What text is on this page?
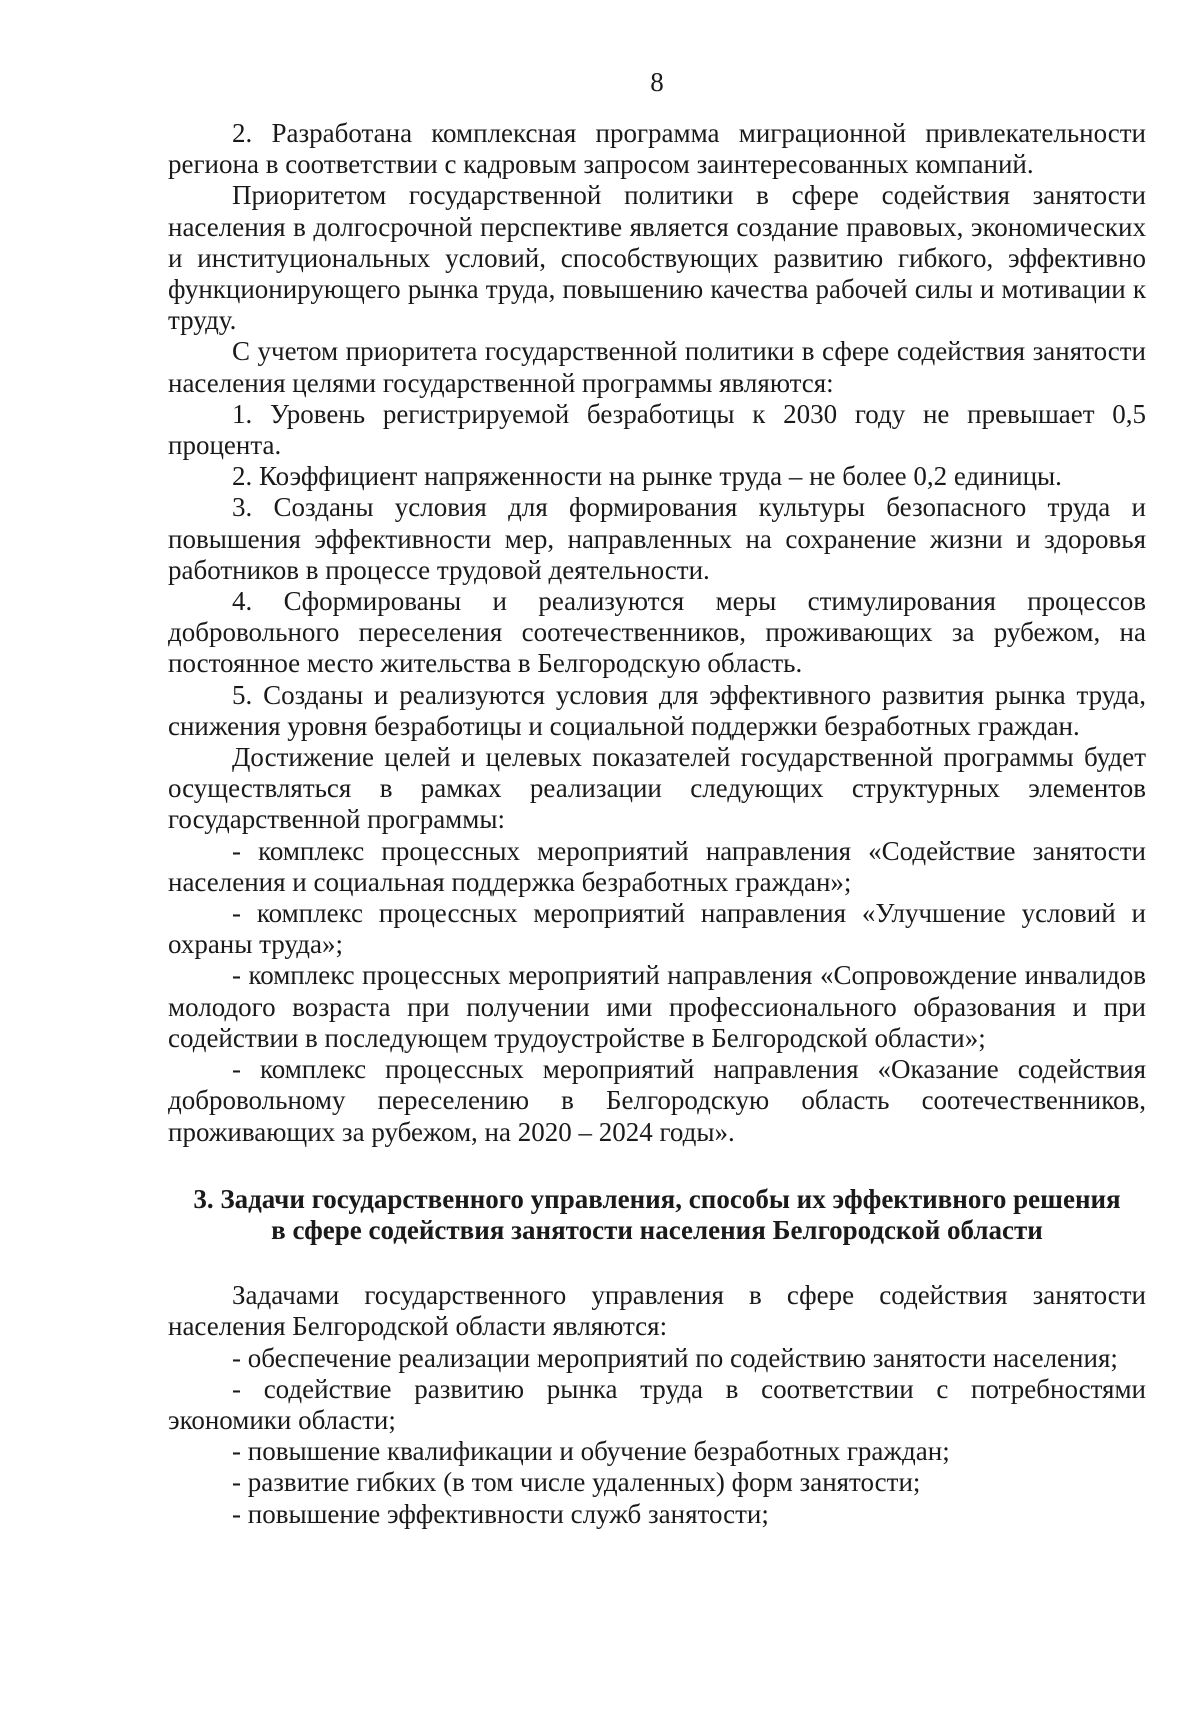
8

2. Разработана комплексная программа миграционной привлекательности региона в соответствии с кадровым запросом заинтересованных компаний.

Приоритетом государственной политики в сфере содействия занятости населения в долгосрочной перспективе является создание правовых, экономических и институциональных условий, способствующих развитию гибкого, эффективно функционирующего рынка труда, повышению качества рабочей силы и мотивации к труду.

С учетом приоритета государственной политики в сфере содействия занятости населения целями государственной программы являются:

1. Уровень регистрируемой безработицы к 2030 году не превышает 0,5 процента.

2. Коэффициент напряженности на рынке труда – не более 0,2 единицы.

3. Созданы условия для формирования культуры безопасного труда и повышения эффективности мер, направленных на сохранение жизни и здоровья работников в процессе трудовой деятельности.

4. Сформированы и реализуются меры стимулирования процессов добровольного переселения соотечественников, проживающих за рубежом, на постоянное место жительства в Белгородскую область.

5. Созданы и реализуются условия для эффективного развития рынка труда, снижения уровня безработицы и социальной поддержки безработных граждан.

Достижение целей и целевых показателей государственной программы будет осуществляться в рамках реализации следующих структурных элементов государственной программы:

- комплекс процессных мероприятий направления «Содействие занятости населения и социальная поддержка безработных граждан»;

- комплекс процессных мероприятий направления «Улучшение условий и охраны труда»;

- комплекс процессных мероприятий направления «Сопровождение инвалидов молодого возраста при получении ими профессионального образования и при содействии в последующем трудоустройстве в Белгородской области»;

- комплекс процессных мероприятий направления «Оказание содействия добровольному переселению в Белгородскую область соотечественников, проживающих за рубежом, на 2020 – 2024 годы».

3. Задачи государственного управления, способы их эффективного решения
в сфере содействия занятости населения Белгородской области

Задачами государственного управления в сфере содействия занятости населения Белгородской области являются:

- обеспечение реализации мероприятий по содействию занятости населения;

- содействие развитию рынка труда в соответствии с потребностями экономики области;

- повышение квалификации и обучение безработных граждан;

- развитие гибких (в том числе удаленных) форм занятости;

- повышение эффективности служб занятости;
